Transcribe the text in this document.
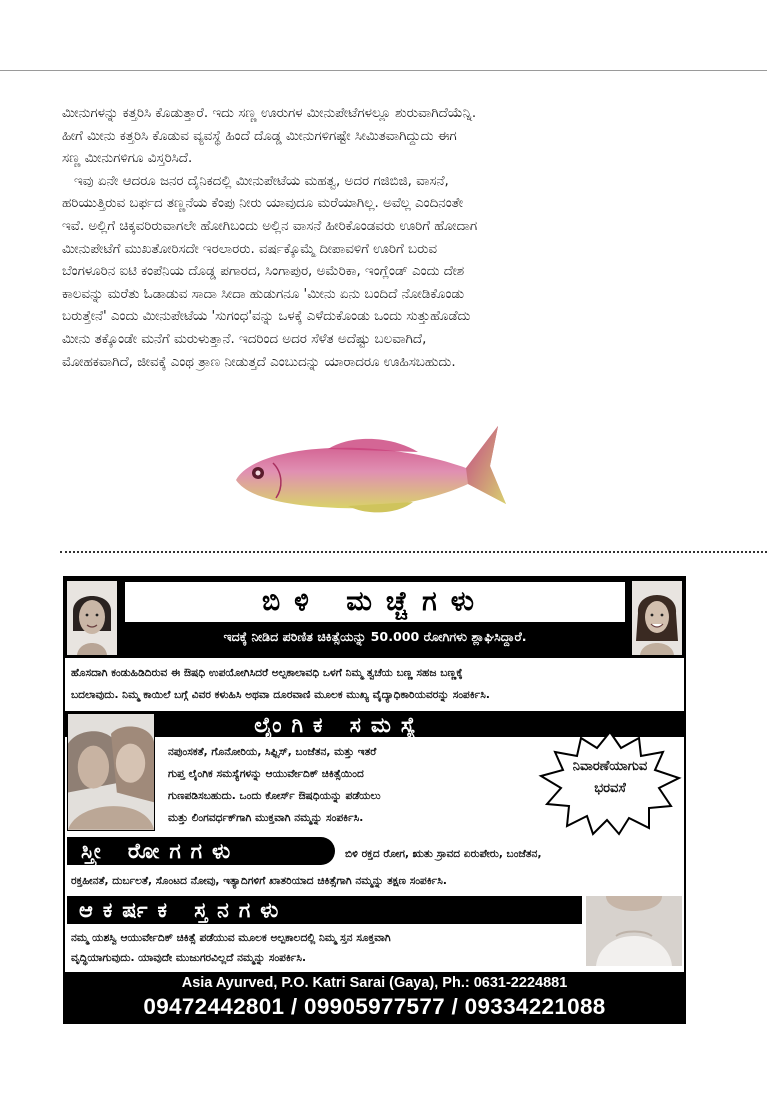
ಮೀನುಗಳನ್ನು ಕತ್ತರಿಸಿ ಕೊಡುತ್ತಾರೆ. ಇದು ಸಣ್ಣ ಊರುಗಳ ಮೀನುಪೇಟೆಗಳಲ್ಲೂ ಶುರುವಾಗಿದೆಯೆನ್ನಿ.

ಹೀಗೆ ಮೀನು ಕತ್ತರಿಸಿ ಕೊಡುವ ವ್ಯವಸ್ಥೆ ಹಿಂದೆ ದೊಡ್ಡ ಮೀನುಗಳಿಗಷ್ಟೇ ಸೀಮಿತವಾಗಿದ್ದುದು ಈಗ

ಸಣ್ಣ ಮೀನುಗಳಿಗೂ ವಿಸ್ತರಿಸಿದೆ.

ಇವು ಏನೇ ಆದರೂ ಜನರ ದೈನಿಕದಲ್ಲಿ ಮೀನುಪೇಟೆಯ ಮಹತ್ವ, ಅದರ ಗಜಿಬಿಜಿ, ವಾಸನೆ,

ಹರಿಯುತ್ತಿರುವ ಬರ್ಫದ ತಣ್ಣನೆಯ ಕೆಂಪು ನೀರು ಯಾವುದೂ ಮರೆಯಾಗಿಲ್ಲ. ಅವೆಲ್ಲ ಎಂದಿನಂತೇ

ಇವೆ. ಅಲ್ಲಿಗೆ ಚಿಕ್ಕವರಿರುವಾಗಲೇ ಹೋಗಿಬಂದು ಅಲ್ಲಿನ ವಾಸನೆ ಹೀರಿಕೊಂಡವರು ಊರಿಗೆ ಹೋದಾಗ

ಮೀನುಪೇಟೆಗೆ ಮುಖತೋರಿಸದೇ ಇರಲಾರರು. ವರ್ಷಕ್ಕೊಮ್ಮೆ ದೀಪಾವಳಿಗೆ ಊರಿಗೆ ಬರುವ

ಬೆಂಗಳೂರಿನ ಐಟಿ ಕಂಪೆನಿಯ ದೊಡ್ಡ ಪಗಾರದ, ಸಿಂಗಾಪುರ, ಅಮೆರಿಕಾ, ಇಂಗ್ಲೆಂಡ್ ಎಂದು ದೇಶ

ಕಾಲವನ್ನು ಮರೆತು ಓಡಾಡುವ ಸಾದಾ ಸೀದಾ ಹುಡುಗನೂ 'ಮೀನು ಏನು ಬಂದಿದೆ ನೋಡಿಕೊಂಡು

ಬರುತ್ತೇನೆ' ಎಂದು ಮೀನುಪೇಟೆಯ 'ಸುಗಂಧ'ವನ್ನು ಒಳಕ್ಕೆ ಎಳೆದುಕೊಂಡು ಒಂದು ಸುತ್ತುಹೊಡೆದು

ಮೀನು ತಕ್ಕೊಂಡೇ ಮನೆಗೆ ಮರುಳುತ್ತಾನೆ. ಇದರಿಂದ ಅದರ ಸೆಳೆತ ಅದೆಷ್ಟು ಬಲವಾಗಿದೆ,

ಮೋಹಕವಾಗಿದೆ, ಜೀವಕ್ಕೆ ಎಂಥ ತ್ರಾಣ ನೀಡುತ್ತದೆ ಎಂಬುದನ್ನು ಯಾರಾದರೂ ಊಹಿಸಬಹುದು.

ಬಿಳಿ ಮಚ್ಚೆಗಳು
ಇದಕ್ಕೆ ನೀಡಿದ ಪರಿಣಿತ ಚಿಕಿತ್ಸೆಯನ್ನು 50.000 ರೋಗಿಗಳು ಶ್ಲಾಘಿಸಿದ್ದಾರೆ.

ಹೊಸದಾಗಿ ಕಂಡುಹಿಡಿದಿರುವ ಈ ಔಷಧಿ ಉಪಯೋಗಿಸಿದರೆ ಅಲ್ಪಕಾಲಾವಧಿ ಒಳಗೆ ನಿಮ್ಮ ತ್ವಚೆಯ ಬಣ್ಣ ಸಹಜ ಬಣ್ಣಕ್ಕೆ

ಬದಲಾವುದು. ನಿಮ್ಮ ಕಾಯಿಲೆ ಬಗ್ಗೆ ವಿವರ ಕಳುಹಿಸಿ ಅಥವಾ ದೂರವಾಣಿ ಮೂಲಕ ಮುಖ್ಯ ವೈದ್ಯಾಧಿಕಾರಿಯವರನ್ನು ಸಂಪರ್ಕಿಸಿ.

ಲೈಂಗಿಕ ಸಮಸ್ಯೆ

ನಪುಂಸಕತೆ, ಗೊನೋರಿಯ, ಸಿಫ್ಲಿಸ್, ಬಂಜೆತನ, ಮತ್ತು ಇತರೆ

ಗುಪ್ತ ಲೈಂಗಿಕ ಸಮಸ್ಯೆಗಳನ್ನು ಆಯುರ್ವೇದಿಕ್ ಚಿಕಿತ್ಸೆಯಿಂದ

ಗುಣಪಡಿಸಬಹುದು. ಒಂದು ಕೋರ್ಸ್ ಔಷಧಿಯನ್ನು ಪಡೆಯಲು

ಮತ್ತು ಲಿಂಗವರ್ಧಕ್‌ಗಾಗಿ ಮುಕ್ತವಾಗಿ ನಮ್ಮನ್ನು ಸಂಪರ್ಕಿಸಿ.

ನಿವಾರಣೆಯಾಗುವ
ಭರವಸೆ
ಸ್ತ್ರೀ ರೋಗಗಳು	ಬಿಳಿ ರಕ್ತದ ರೋಗ, ಋತು ಸ್ರಾವದ ಏರುಪೇರು, ಬಂಜೆತನ,
ರಕ್ತಹೀನತೆ, ದುರ್ಬಲತೆ, ಸೊಂಟದ ನೋವು, ಇತ್ಯಾದಿಗಳಿಗೆ ಖಾತರಿಯಾದ ಚಿಕಿತ್ಸೆಗಾಗಿ ನಮ್ಮನ್ನು ತಕ್ಷಣ ಸಂಪರ್ಕಿಸಿ.
ಆಕರ್ಷಕ ಸ್ತನಗಳು

ನಮ್ಮ ಯಶಸ್ವಿ ಆಯುರ್ವೇದಿಕ್ ಚಿಕಿತ್ಸೆ ಪಡೆಯುವ ಮೂಲಕ ಅಲ್ಪಕಾಲದಲ್ಲಿ ನಿಮ್ಮ ಸ್ತನ ಸೂಕ್ತವಾಗಿ

ವೃದ್ಧಿಯಾಗುವುದು. ಯಾವುದೇ ಮುಜುಗರವಿಲ್ಲದೆ ನಮ್ಮನ್ನು ಸಂಪರ್ಕಿಸಿ.

Asia Ayurved, P.O. Katri Sarai (Gaya), Ph.: 0631-2224881
09472442801 / 09905977577 / 09334221088
